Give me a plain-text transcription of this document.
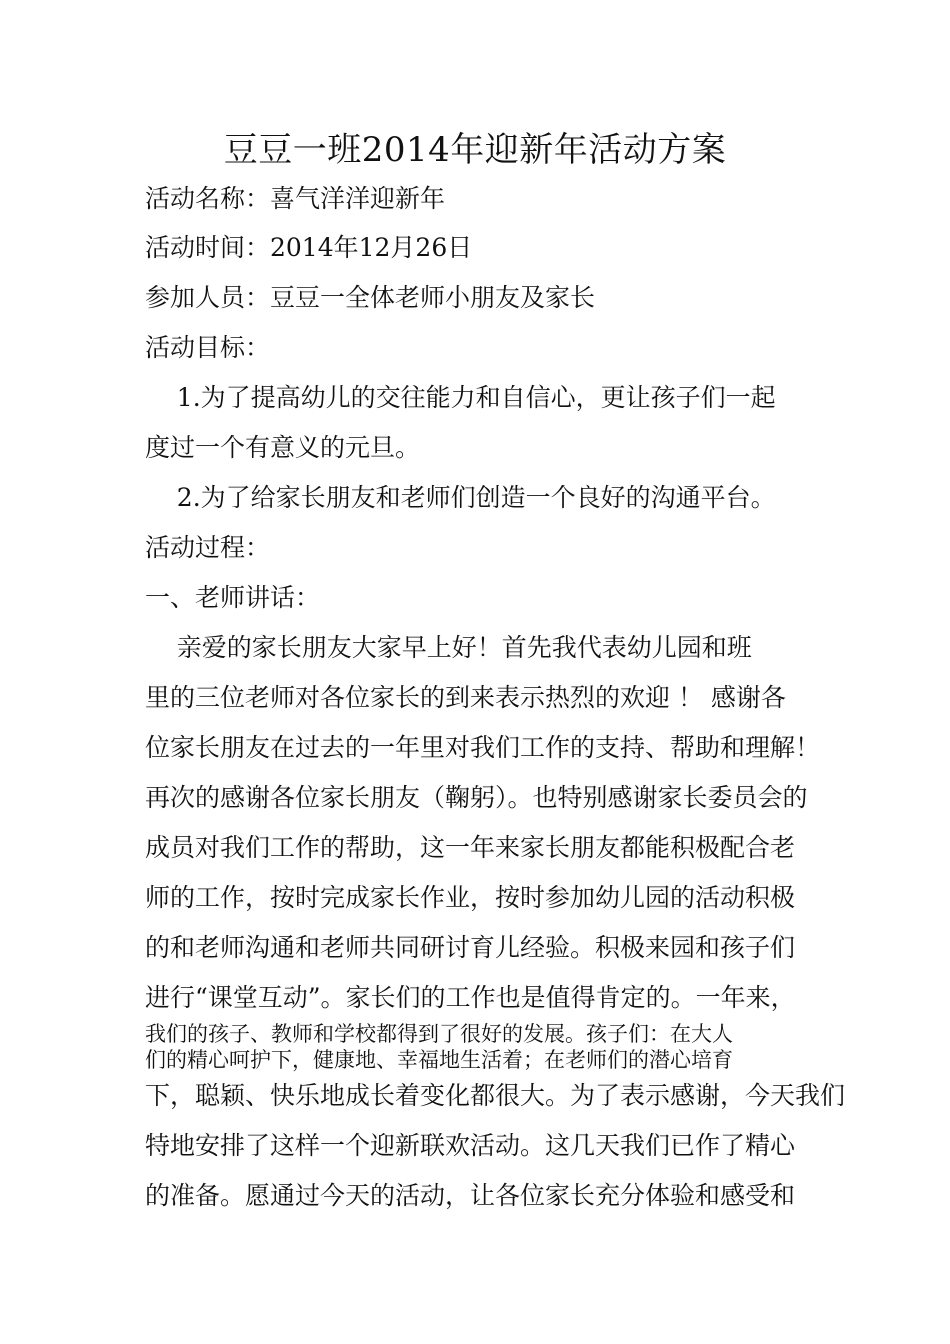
豆豆一班2014年迎新年活动方案
活动名称：喜气洋洋迎新年
活动时间：2014年12月26日
参加人员：豆豆一全体老师小朋友及家长
活动目标：
1.为了提高幼儿的交往能力和自信心，更让孩子们一起
度过一个有意义的元旦。
2.为了给家长朋友和老师们创造一个良好的沟通平台。
活动过程：
一、老师讲话：
亲爱的家长朋友大家早上好！首先我代表幼儿园和班
里的三位老师对各位家长的到来表示热烈的欢迎 ！ 感谢各
位家长朋友在过去的一年里对我们工作的支持、帮助和理解！
再次的感谢各位家长朋友（鞠躬）。也特别感谢家长委员会的
成员对我们工作的帮助，这一年来家长朋友都能积极配合老
师的工作，按时完成家长作业，按时参加幼儿园的活动积极
的和老师沟通和老师共同研讨育儿经验。积极来园和孩子们
进行“课堂互动”。家长们的工作也是值得肯定的。一年来，
我们的孩子、教师和学校都得到了很好的发展。孩子们：在大人
们的精心呵护下，健康地、幸福地生活着；在老师们的潜心培育
下，聪颖、快乐地成长着变化都很大。为了表示感谢，今天我们
特地安排了这样一个迎新联欢活动。这几天我们已作了精心
的准备。愿通过今天的活动，让各位家长充分体验和感受和
